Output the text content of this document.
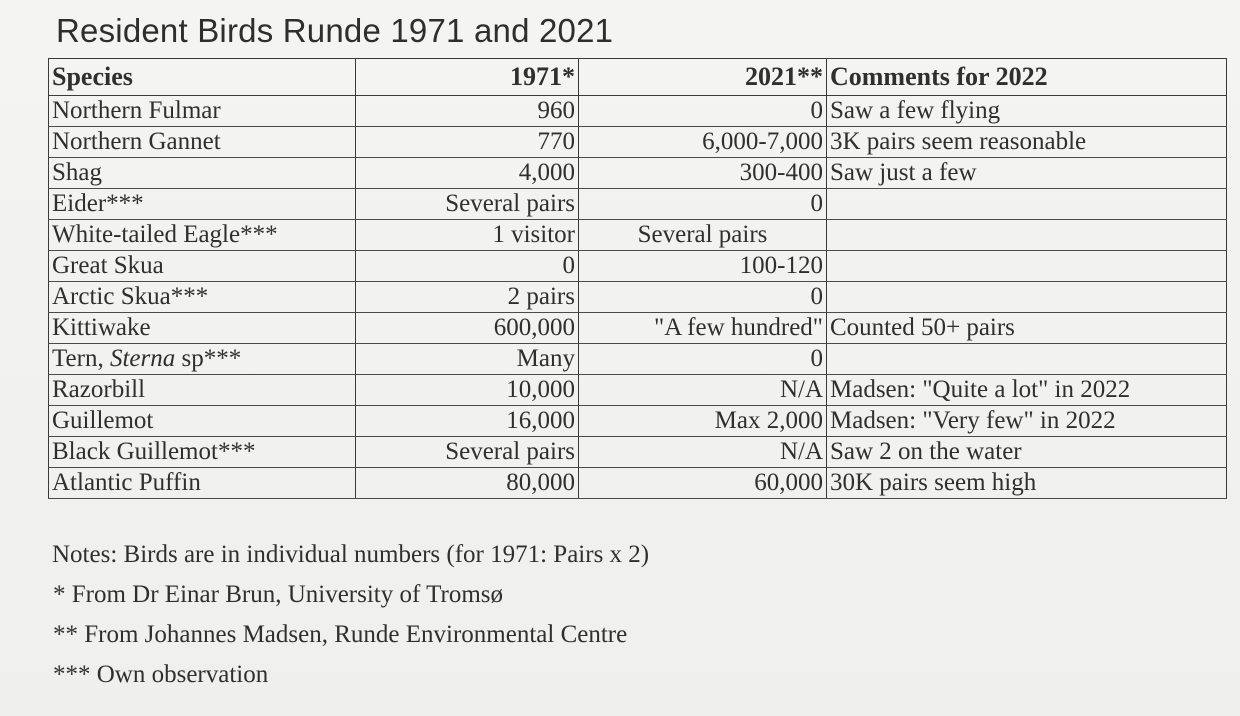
Resident Birds Runde 1971 and 2021
Species	1971*	2021**	Comments for 2022
Northern Fulmar	960	0	Saw a few flying
Northern Gannet	770	6,000-7,000	3K pairs seem reasonable
Shag	4,000	300-400	Saw just a few
Eider***	Several pairs	0	
White-tailed Eagle***	1 visitor	Several pairs	
Great Skua	0	100-120	
Arctic Skua***	2 pairs	0	
Kittiwake	600,000	"A few hundred"	Counted 50+ pairs
Tern, Sterna sp***	Many	0	
Razorbill	10,000	N/A	Madsen: "Quite a lot" in 2022
Guillemot	16,000	Max 2,000	Madsen: "Very few" in 2022
Black Guillemot***	Several pairs	N/A	Saw 2 on the water
Atlantic Puffin	80,000	60,000	30K pairs seem high
Notes: Birds are in individual numbers (for 1971: Pairs x 2)
* From Dr Einar Brun, University of Tromsø
** From Johannes Madsen, Runde Environmental Centre
*** Own observation
